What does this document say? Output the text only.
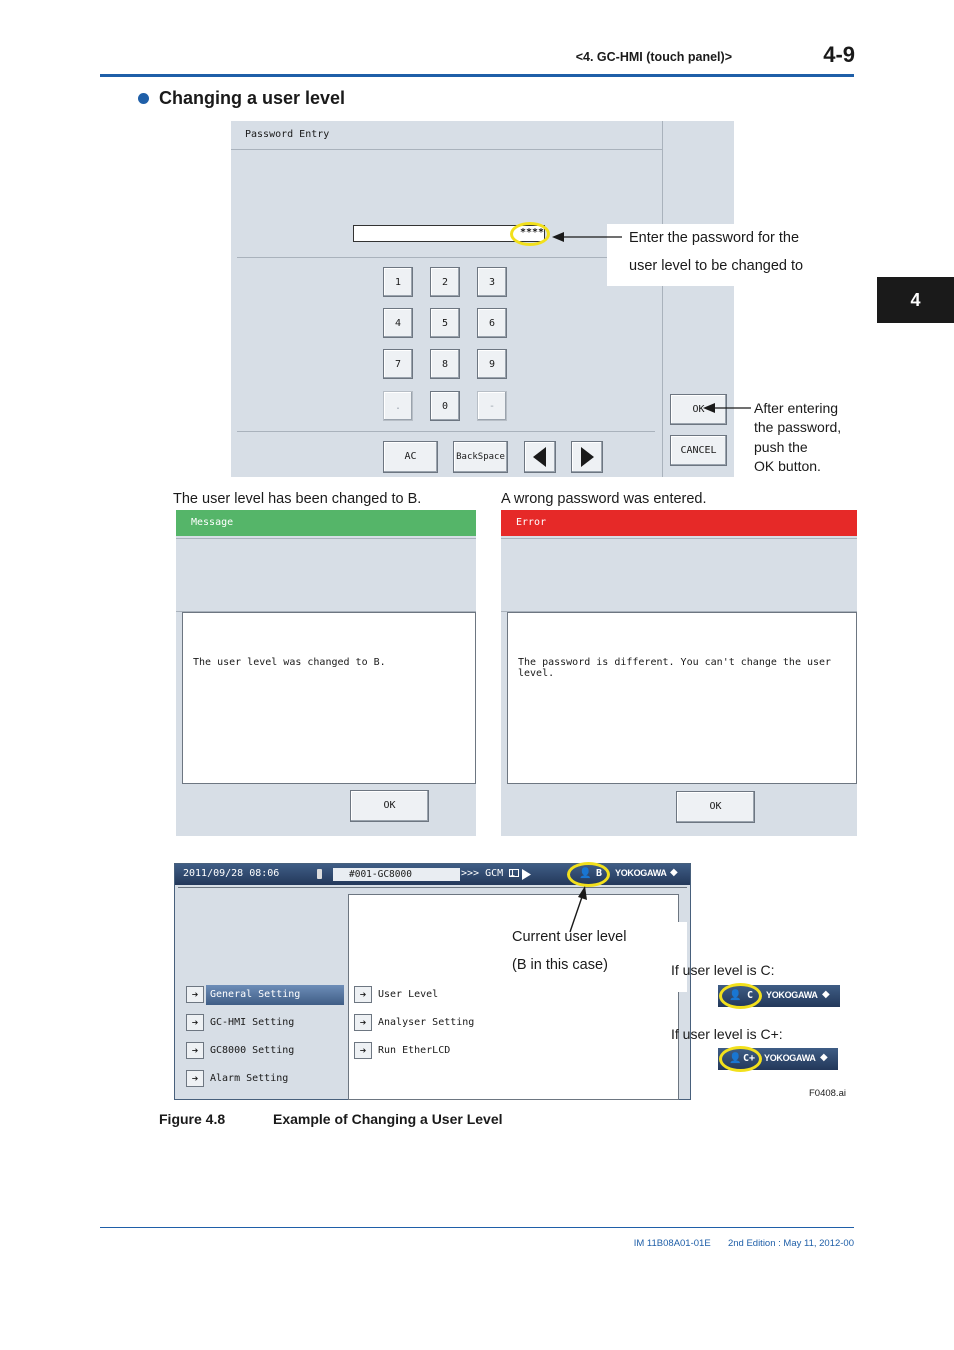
<4. GC-HMI (touch panel)>	4-9
4
Changing a user level
Password Entry
****
1	2	3
4	5	6
7	8	9
.	0	-
AC	BackSpace
OK
CANCEL
Enter the password for the
user level to be changed to
After entering
the password,
push the
OK button.
The user level has been changed to B.
Message
The user level was changed to B.
OK
A wrong password was entered.
Error
The password is different. You can't change the user level.
OK
2011/09/28 08:06	#001-GC8000	>>> GCM 1	👤 B YOKOGAWA ◆
➔	General Setting
➔	GC-HMI Setting
➔	GC8000 Setting
➔	Alarm Setting
➔	User Level
➔	Analyser Setting
➔	Run EtherLCD
Current user level
(B in this case)	If user level is C:
👤 C YOKOGAWA ◆
If user level is C+:
👤 C+ YOKOGAWA ◆
F0408.ai
Figure 4.8	Example of Changing a User Level
IM 11B08A01-01E 2nd Edition : May 11, 2012-00
